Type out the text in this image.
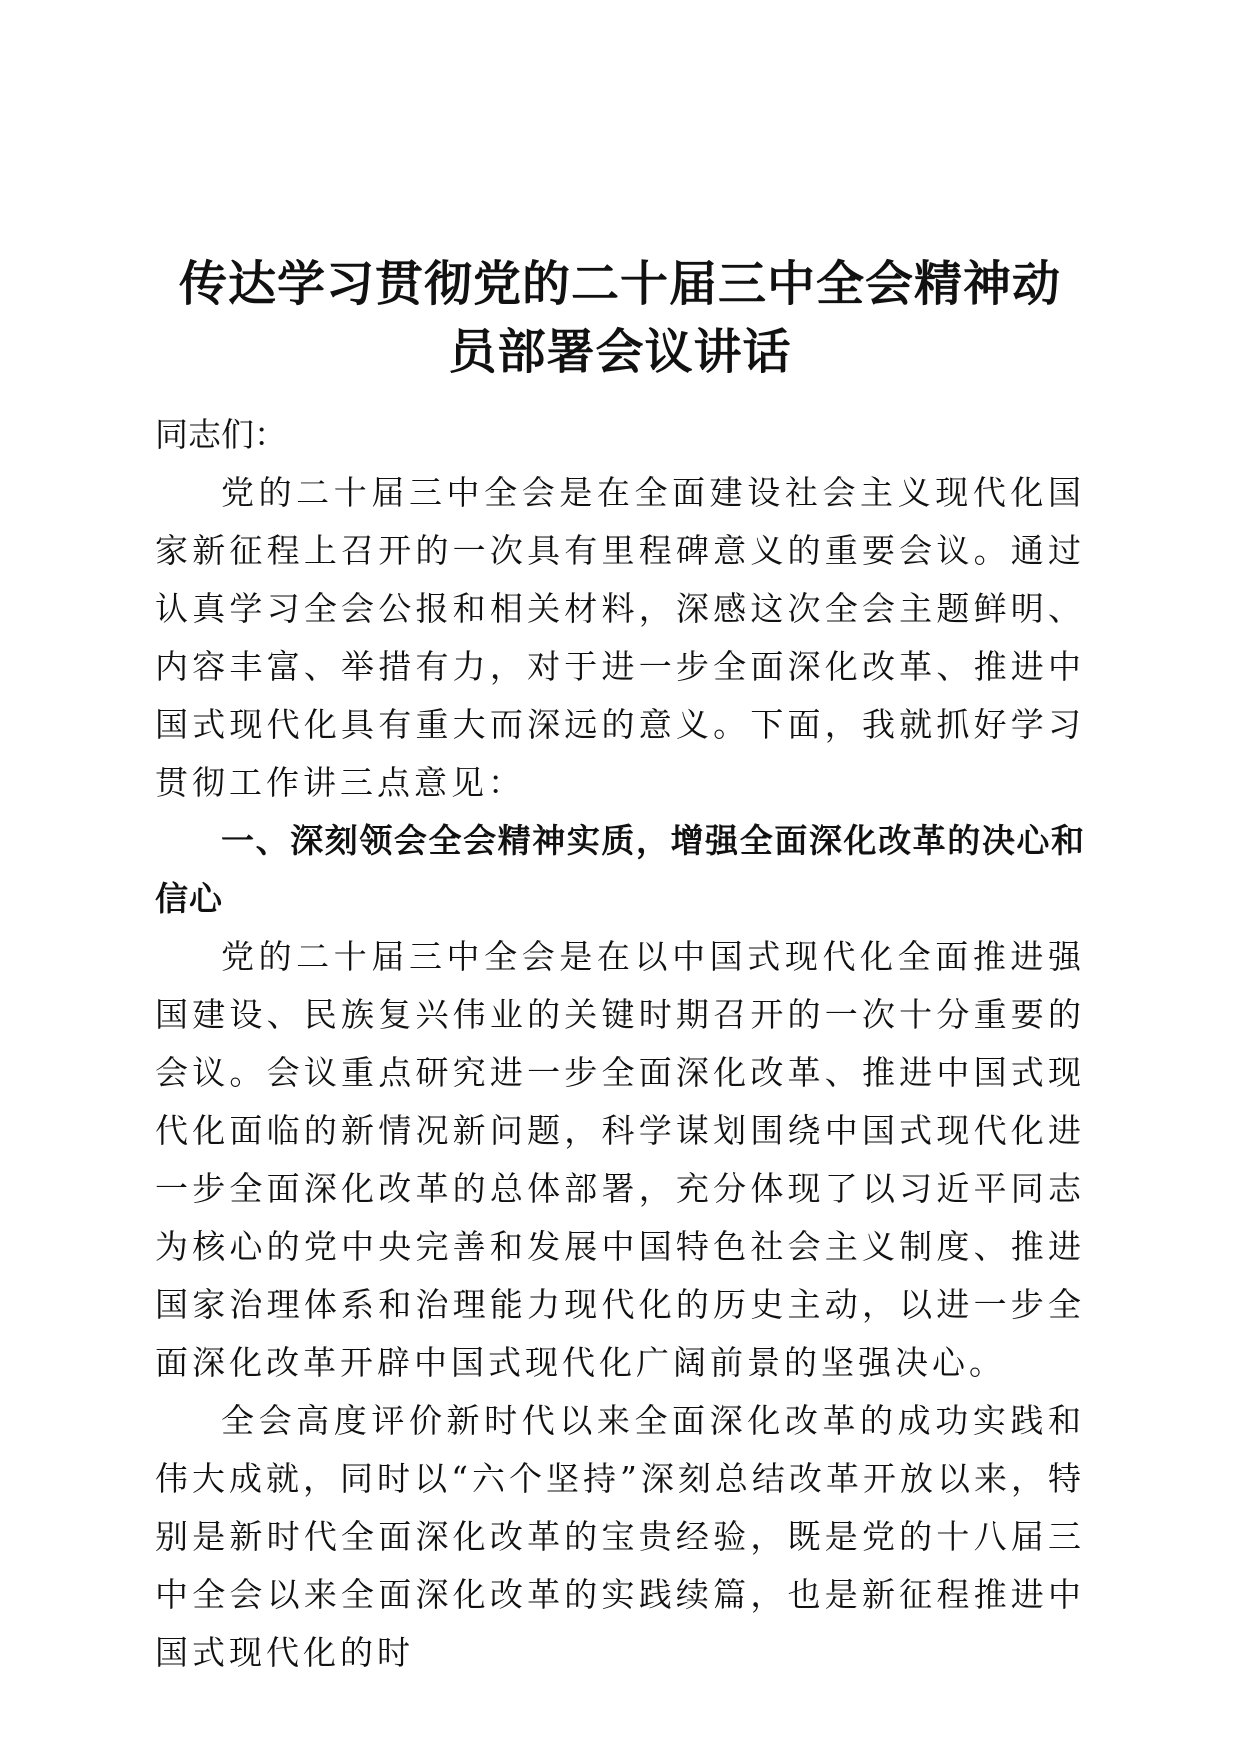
传达学习贯彻党的二十届三中全会精神动员部署会议讲话

同志们：

党的二十届三中全会是在全面建设社会主义现代化国家新征程上召开的一次具有里程碑意义的重要会议。通过认真学习全会公报和相关材料，深感这次全会主题鲜明、内容丰富、举措有力，对于进一步全面深化改革、推进中国式现代化具有重大而深远的意义。下面，我就抓好学习贯彻工作讲三点意见：

一、深刻领会全会精神实质，增强全面深化改革的决心和信心

党的二十届三中全会是在以中国式现代化全面推进强国建设、民族复兴伟业的关键时期召开的一次十分重要的会议。会议重点研究进一步全面深化改革、推进中国式现代化面临的新情况新问题，科学谋划围绕中国式现代化进一步全面深化改革的总体部署，充分体现了以习近平同志为核心的党中央完善和发展中国特色社会主义制度、推进国家治理体系和治理能力现代化的历史主动，以进一步全面深化改革开辟中国式现代化广阔前景的坚强决心。

全会高度评价新时代以来全面深化改革的成功实践和伟大成就，同时以“六个坚持”深刻总结改革开放以来，特别是新时代全面深化改革的宝贵经验，既是党的十八届三中全会以来全面深化改革的实践续篇，也是新征程推进中国式现代化的时
